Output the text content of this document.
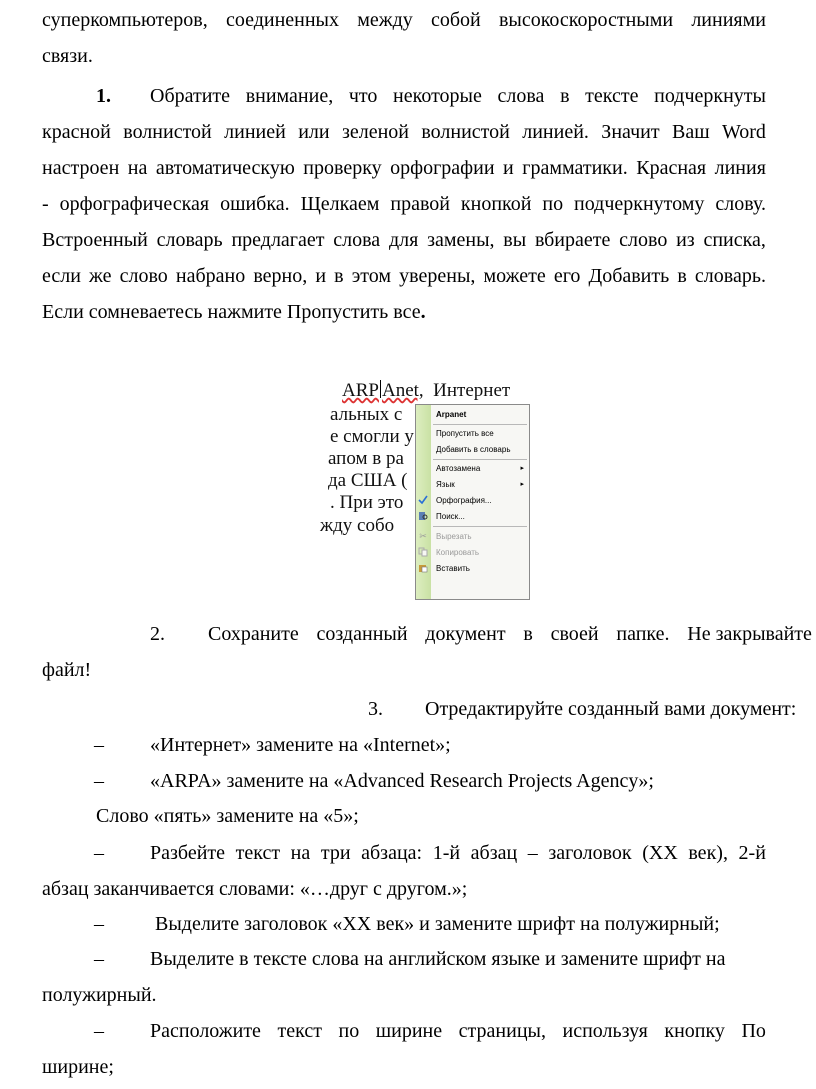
суперкомпьютеров, соединенных между собой высокоскоростными линиями
связи.
1. Обратите внимание, что некоторые слова в тексте подчеркнуты
красной волнистой линией или зеленой волнистой линией. Значит Ваш Word
настроен на автоматическую проверку орфографии и грамматики. Красная линия
- орфографическая ошибка. Щелкаем правой кнопкой по подчеркнутому слову.
Встроенный словарь предлагает слова для замены, вы вбираете слово из списка,
если же слово набрано верно, и в этом уверены, можете его Добавить в словарь.
Если сомневаетесь нажмите Пропустить все.
ARP Anet, Интернет
альных с
е смогли у
апом в ра
да США (
. При это
жду собо
Arpanet
Пропустить все
Добавить в словарь
Автозамена	▸
Язык	▸
Орфография...
Поиск...
✂ Вырезать
Копировать
Вставить
2. Сохраните созданный документ в своей папке. Не закрывайте
файл!
3. Отредактируйте созданный вами документ:
– «Интернет» замените на «Internet»;
– «ARPA» замените на «Advanced Research Projects Agency»;
Слово «пять» замените на «5»;
– Разбейте текст на три абзаца: 1-й абзац – заголовок (ХХ век), 2-й
абзац заканчивается словами: «…друг с другом.»;
–	Выделите заголовок «ХХ век» и замените шрифт на полужирный;
– Выделите в тексте слова на английском языке и замените шрифт на
полужирный.
– Расположите текст по ширине страницы, используя кнопку По
ширине;
